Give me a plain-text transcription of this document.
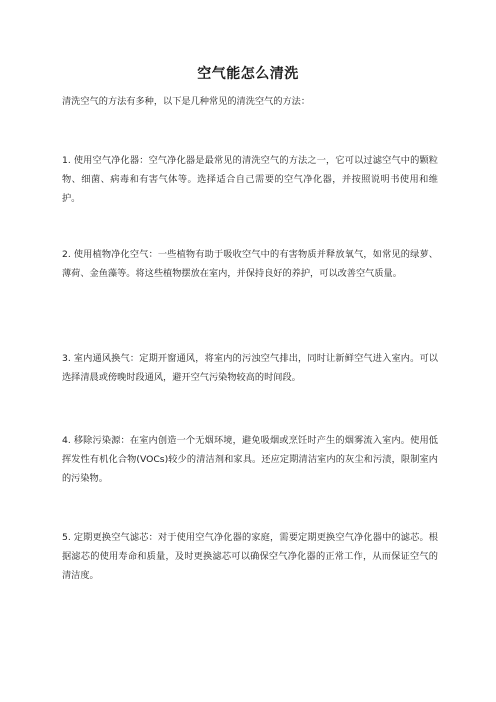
空气能怎么清洗
清洗空气的方法有多种，以下是几种常见的清洗空气的方法：
1. 使用空气净化器：空气净化器是最常见的清洗空气的方法之一，它可以过滤空气中的颗粒物、细菌、病毒和有害气体等。选择适合自己需要的空气净化器，并按照说明书使用和维护。
2. 使用植物净化空气：一些植物有助于吸收空气中的有害物质并释放氧气，如常见的绿萝、薄荷、金鱼藻等。将这些植物摆放在室内，并保持良好的养护，可以改善空气质量。
3. 室内通风换气：定期开窗通风，将室内的污浊空气排出，同时让新鲜空气进入室内。可以选择清晨或傍晚时段通风，避开空气污染物较高的时间段。
4. 移除污染源：在室内创造一个无烟环境，避免吸烟或烹饪时产生的烟雾流入室内。使用低挥发性有机化合物(VOCs)较少的清洁剂和家具。还应定期清洁室内的灰尘和污渍，限制室内的污染物。
5. 定期更换空气滤芯：对于使用空气净化器的家庭，需要定期更换空气净化器中的滤芯。根据滤芯的使用寿命和质量，及时更换滤芯可以确保空气净化器的正常工作，从而保证空气的清洁度。
